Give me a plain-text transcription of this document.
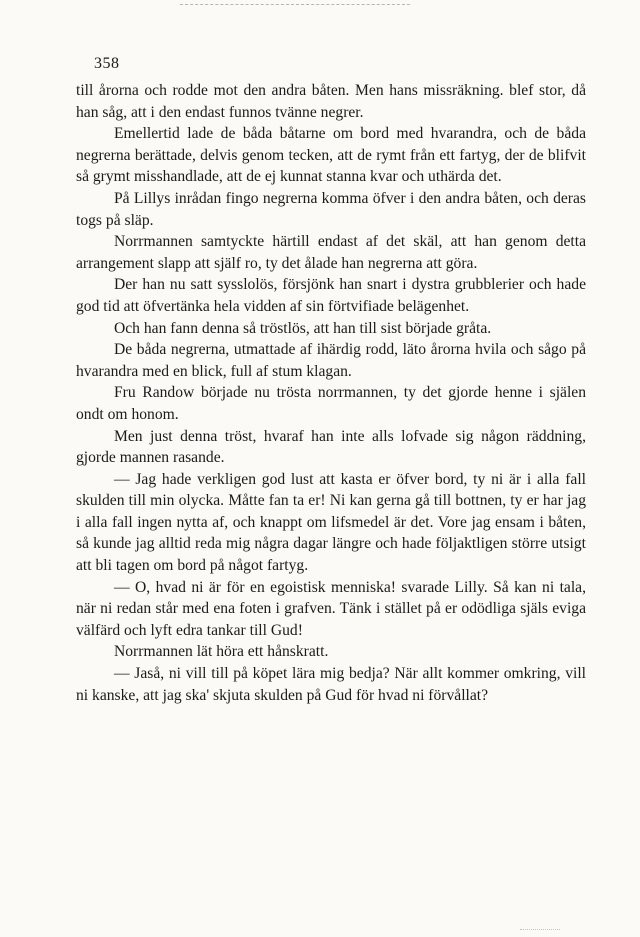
358

till årorna och rodde mot den andra båten. Men hans missräkning. blef stor, då han såg, att i den endast funnos tvänne negrer.

Emellertid lade de båda båtarne om bord med hvarandra, och de båda negrerna berättade, delvis genom tecken, att de rymt från ett fartyg, der de blifvit så grymt misshandlade, att de ej kunnat stanna kvar och uthärda det.

På Lillys inrådan fingo negrerna komma öfver i den andra båten, och deras togs på släp.

Norrmannen samtyckte härtill endast af det skäl, att han genom detta arrangement slapp att själf ro, ty det ålade han negrerna att göra.

Der han nu satt sysslolös, försjönk han snart i dystra grubblerier och hade god tid att öfvertänka hela vidden af sin förtvifiade belägenhet.

Och han fann denna så tröstlös, att han till sist började gråta.

De båda negrerna, utmattade af ihärdig rodd, läto årorna hvila och sågo på hvarandra med en blick, full af stum klagan.

Fru Randow började nu trösta norrmannen, ty det gjorde henne i själen ondt om honom.

Men just denna tröst, hvaraf han inte alls lofvade sig någon räddning, gjorde mannen rasande.

— Jag hade verkligen god lust att kasta er öfver bord, ty ni är i alla fall skulden till min olycka. Måtte fan ta er! Ni kan gerna gå till bottnen, ty er har jag i alla fall ingen nytta af, och knappt om lifsmedel är det. Vore jag ensam i båten, så kunde jag alltid reda mig några dagar längre och hade följaktligen större utsigt att bli tagen om bord på något fartyg.

— O, hvad ni är för en egoistisk menniska! svarade Lilly. Så kan ni tala, när ni redan står med ena foten i grafven. Tänk i stället på er odödliga själs eviga välfärd och lyft edra tankar till Gud!

Norrmannen lät höra ett hånskratt.

— Jaså, ni vill till på köpet lära mig bedja? När allt kommer omkring, vill ni kanske, att jag ska' skjuta skulden på Gud för hvad ni förvållat?
